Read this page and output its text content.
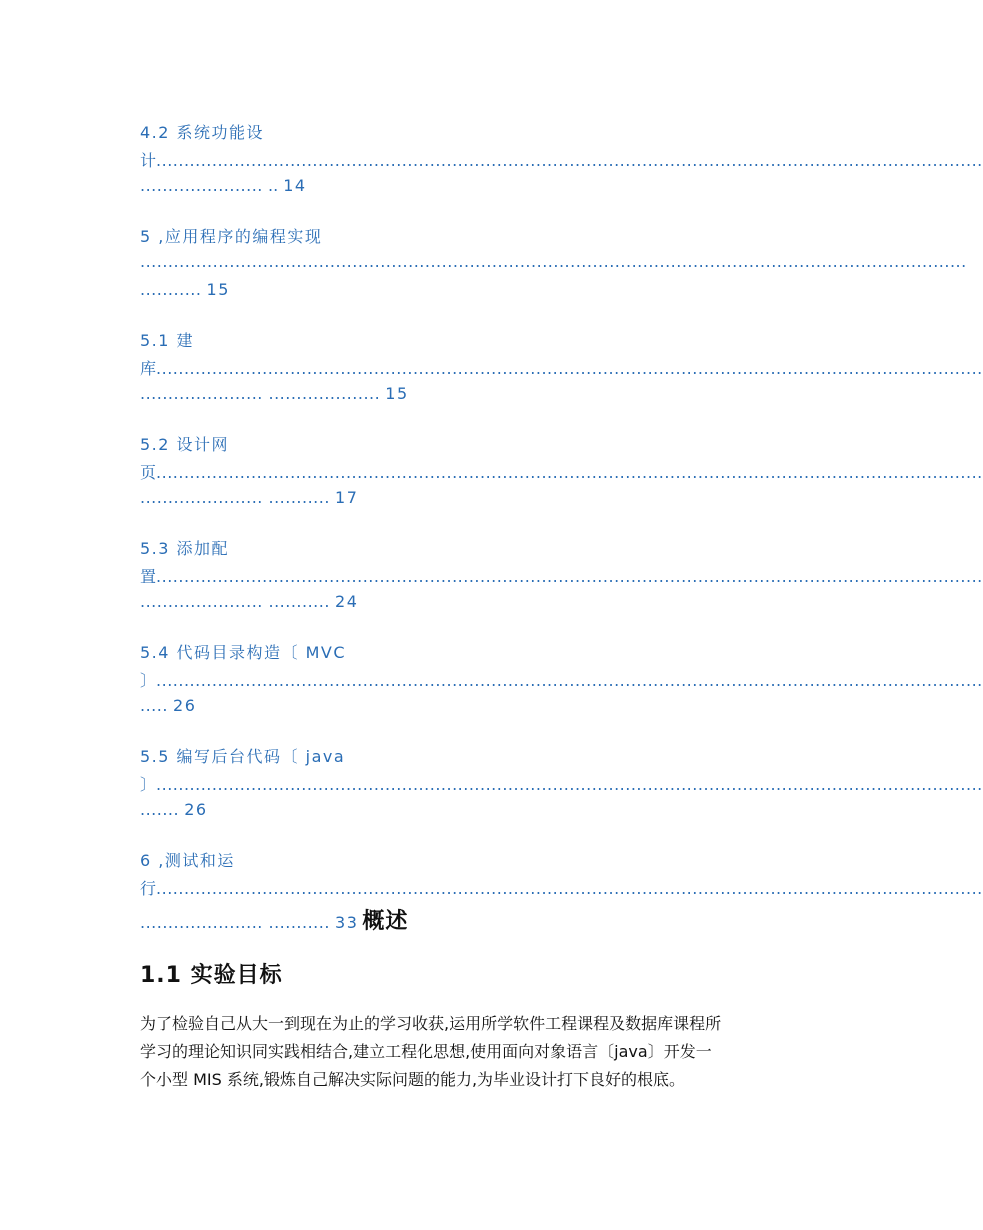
4.2 系统功能设
计....................................................................................................................................................
...................... .. 14
5 ,应用程序的编程实现
....................................................................................................................................................
........... 15
5.1 建
库....................................................................................................................................................
...................... .................... 15
5.2 设计网
页....................................................................................................................................................
...................... ........... 17
5.3 添加配
置....................................................................................................................................................
...................... ........... 24
5.4 代码目录构造〔 MVC
〕....................................................................................................................................................
..... 26
5.5 编写后台代码〔 java
〕....................................................................................................................................................
....... 26
6 ,测试和运
行....................................................................................................................................................
...................... ........... 33 概述
1.1 实验目标
为了检验自己从大一到现在为止的学习收获,运用所学软件工程课程及数据库课程所
学习的理论知识同实践相结合,建立工程化思想,使用面向对象语言〔java〕开发一
个小型 MIS 系统,锻炼自己解决实际问题的能力,为毕业设计打下良好的根底。
